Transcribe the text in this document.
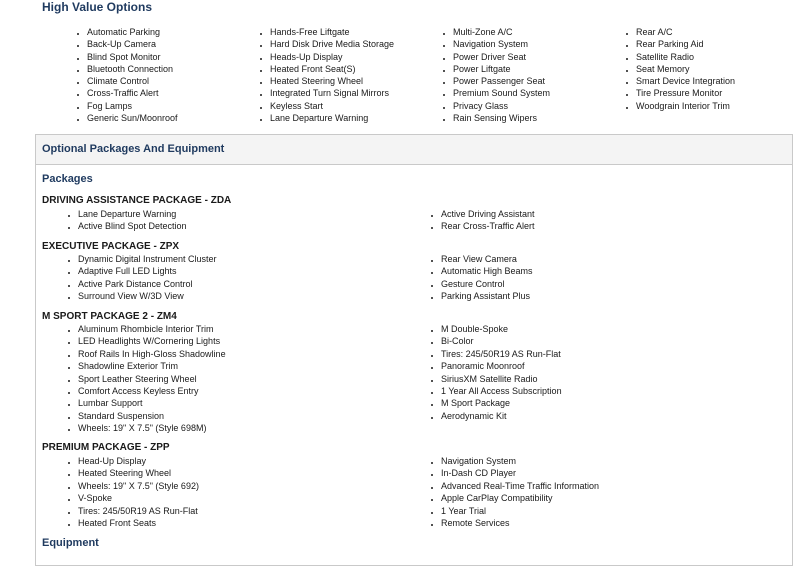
High Value Options
• Automatic Parking
• Back-Up Camera
• Blind Spot Monitor
• Bluetooth Connection
• Climate Control
• Cross-Traffic Alert
• Fog Lamps
• Generic Sun/Moonroof
• Hands-Free Liftgate
• Hard Disk Drive Media Storage
• Heads-Up Display
• Heated Front Seat(S)
• Heated Steering Wheel
• Integrated Turn Signal Mirrors
• Keyless Start
• Lane Departure Warning
• Multi-Zone A/C
• Navigation System
• Power Driver Seat
• Power Liftgate
• Power Passenger Seat
• Premium Sound System
• Privacy Glass
• Rain Sensing Wipers
• Rear A/C
• Rear Parking Aid
• Satellite Radio
• Seat Memory
• Smart Device Integration
• Tire Pressure Monitor
• Woodgrain Interior Trim
Optional Packages And Equipment
Packages
DRIVING ASSISTANCE PACKAGE - ZDA
• Lane Departure Warning
• Active Blind Spot Detection
• Active Driving Assistant
• Rear Cross-Traffic Alert
EXECUTIVE PACKAGE - ZPX
• Dynamic Digital Instrument Cluster
• Adaptive Full LED Lights
• Active Park Distance Control
• Surround View W/3D View
• Rear View Camera
• Automatic High Beams
• Gesture Control
• Parking Assistant Plus
M SPORT PACKAGE 2 - ZM4
• Aluminum Rhombicle Interior Trim
• LED Headlights W/Cornering Lights
• Roof Rails In High-Gloss Shadowline
• Shadowline Exterior Trim
• Sport Leather Steering Wheel
• Comfort Access Keyless Entry
• Lumbar Support
• Standard Suspension
• Wheels: 19" X 7.5" (Style 698M)
• M Double-Spoke
• Bi-Color
• Tires: 245/50R19 AS Run-Flat
• Panoramic Moonroof
• SiriusXM Satellite Radio
• 1 Year All Access Subscription
• M Sport Package
• Aerodynamic Kit
PREMIUM PACKAGE - ZPP
• Head-Up Display
• Heated Steering Wheel
• Wheels: 19" X 7.5" (Style 692)
• V-Spoke
• Tires: 245/50R19 AS Run-Flat
• Heated Front Seats
• Navigation System
• In-Dash CD Player
• Advanced Real-Time Traffic Information
• Apple CarPlay Compatibility
• 1 Year Trial
• Remote Services
Equipment
